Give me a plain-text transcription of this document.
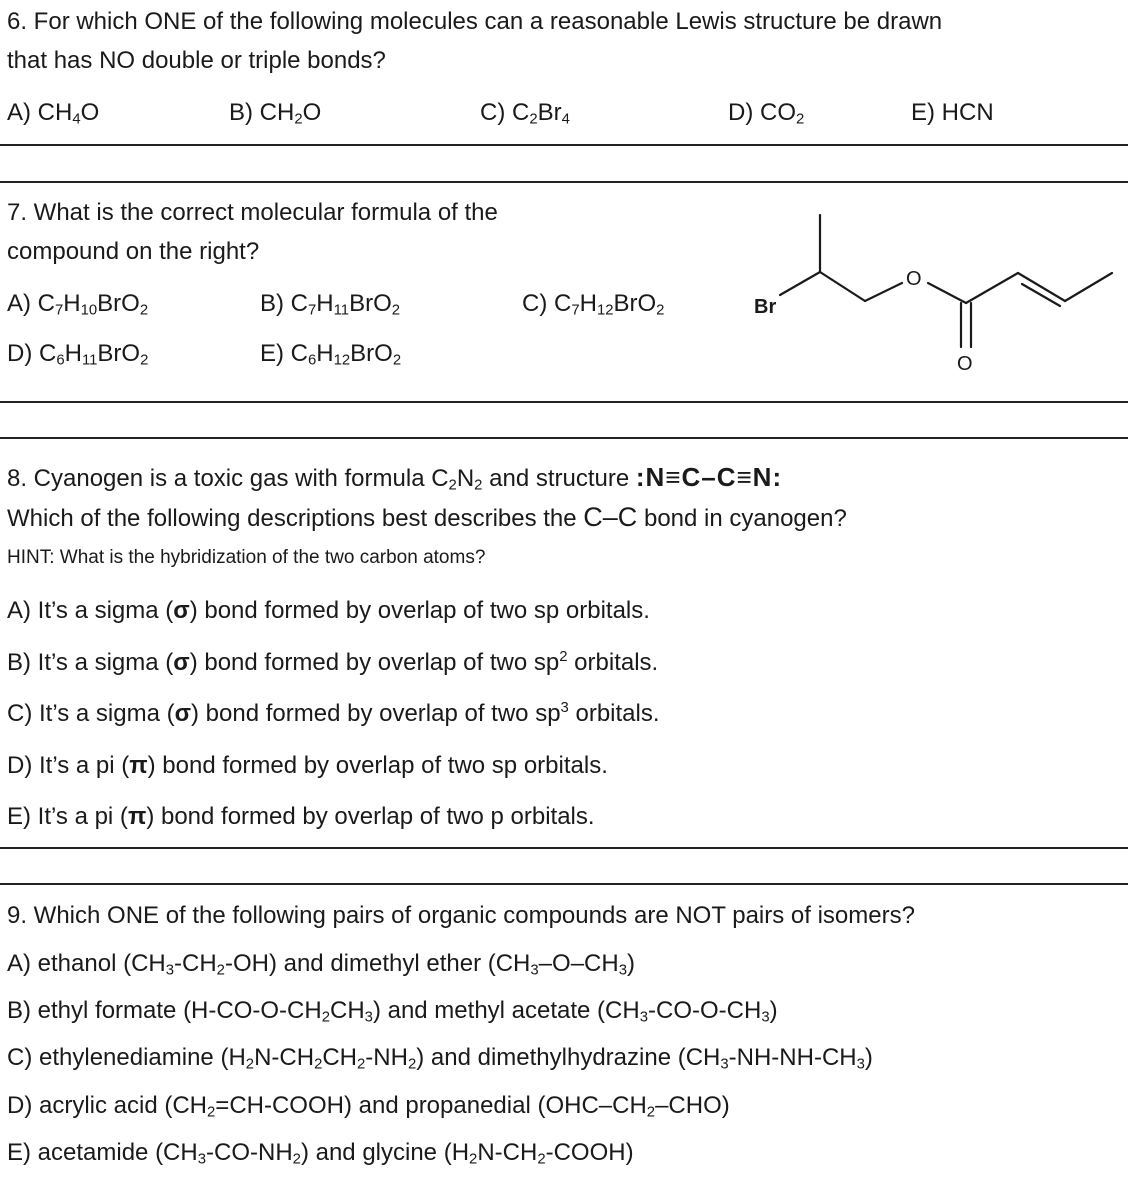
6. For which ONE of the following molecules can a reasonable Lewis structure be drawn
that has NO double or triple bonds?
A) $CH_4O$	B) $CH_2O$	C) $C_2Br_4$	D) $CO_2$	E) HCN
7. What is the correct molecular formula of the
compound on the right?
A) $C_7H_{10}BrO_2$	B) $C_7H_{11}BrO_2$	C) $C_7H_{12}BrO_2$
D) $C_6H_{11}BrO_2$	E) $C_6H_{12}BrO_2$
Br
O
O
8. Cyanogen is a toxic gas with formula $C_2N_2$ and structure :N≡C–C≡N:
Which of the following descriptions best describes the C–C bond in cyanogen?
HINT: What is the hybridization of the two carbon atoms?
A) It’s a sigma (σ) bond formed by overlap of two sp orbitals.
B) It’s a sigma (σ) bond formed by overlap of two $sp^2$ orbitals.
C) It’s a sigma (σ) bond formed by overlap of two $sp^3$ orbitals.
D) It’s a pi (π) bond formed by overlap of two sp orbitals.
E) It’s a pi (π) bond formed by overlap of two p orbitals.
9. Which ONE of the following pairs of organic compounds are NOT pairs of isomers?
A) ethanol $(CH_3-CH_2-OH)$ and dimethyl ether $(CH_3-O-CH_3)$
B) ethyl formate $(H-CO-O-CH_2CH_3)$ and methyl acetate $(CH_3-CO-O-CH_3)$
C) ethylenediamine $(H_2N-CH_2CH_2-NH_2)$ and dimethylhydrazine $(CH_3-NH-NH-CH_3)$
D) acrylic acid $(CH_2=CH-COOH)$ and propanedial $(OHC-CH_2-CHO)$
E) acetamide $(CH_3-CO-NH_2)$ and glycine $(H_2N-CH_2-COOH)$
